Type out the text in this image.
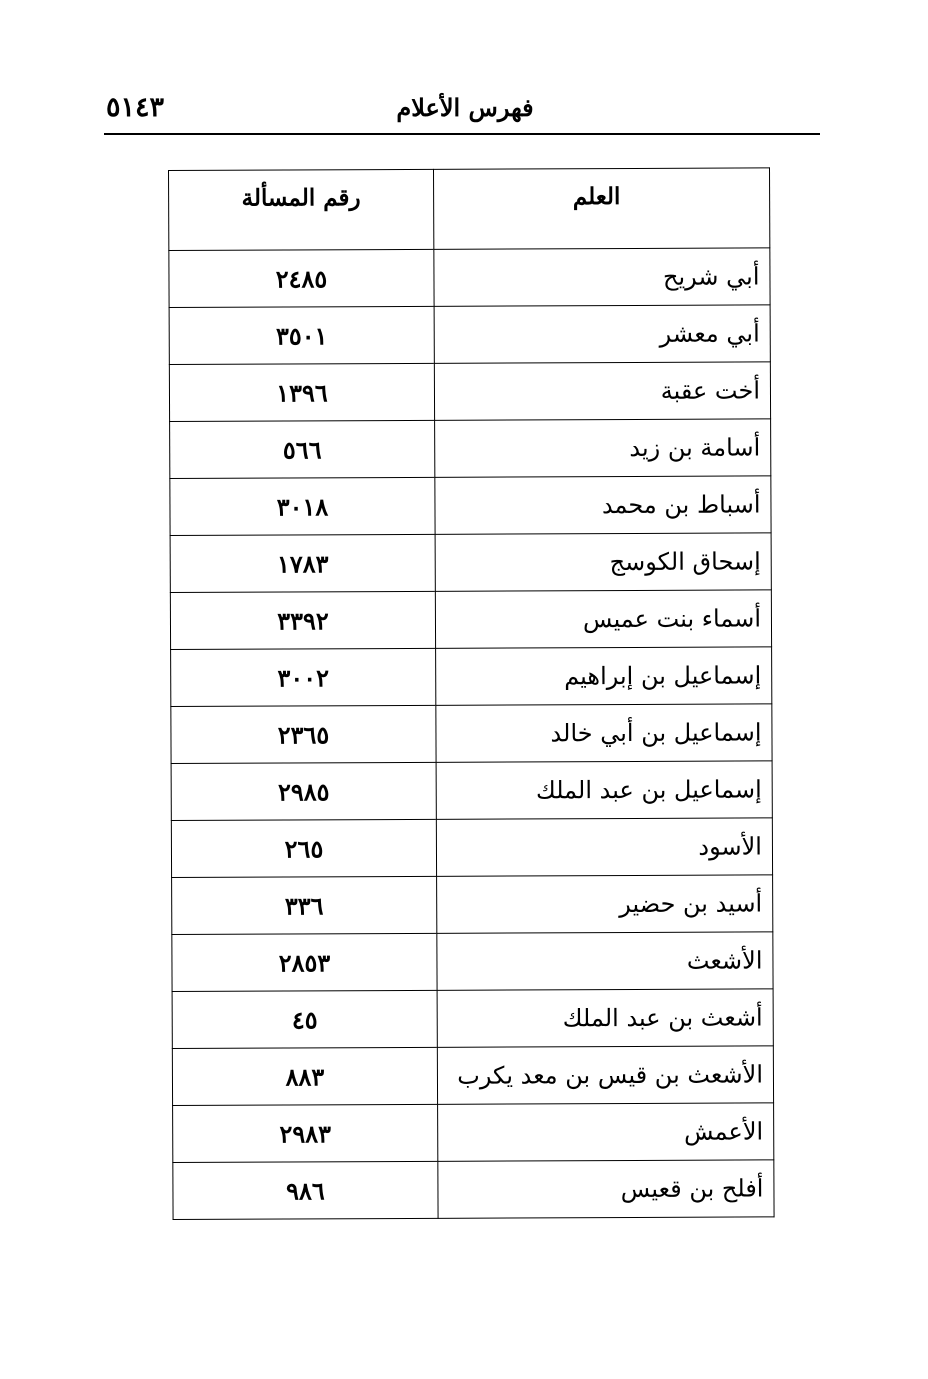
٥١٤٣	فهرس الأعلام
العلم	رقم المسألة
أبي شريح	٢٤٨٥
أبي معشر	٣٥٠١
أخت عقبة	١٣٩٦
أسامة بن زيد	٥٦٦
أسباط بن محمد	٣٠١٨
إسحاق الكوسج	١٧٨٣
أسماء بنت عميس	٣٣٩٢
إسماعيل بن إبراهيم	٣٠٠٢
إسماعيل بن أبي خالد	٢٣٦٥
إسماعيل بن عبد الملك	٢٩٨٥
الأسود	٢٦٥
أسيد بن حضير	٣٣٦
الأشعث	٢٨٥٣
أشعث بن عبد الملك	٤٥
الأشعث بن قيس بن معد يكرب	٨٨٣
الأعمش	٢٩٨٣
أفلح بن قعيس	٩٨٦
